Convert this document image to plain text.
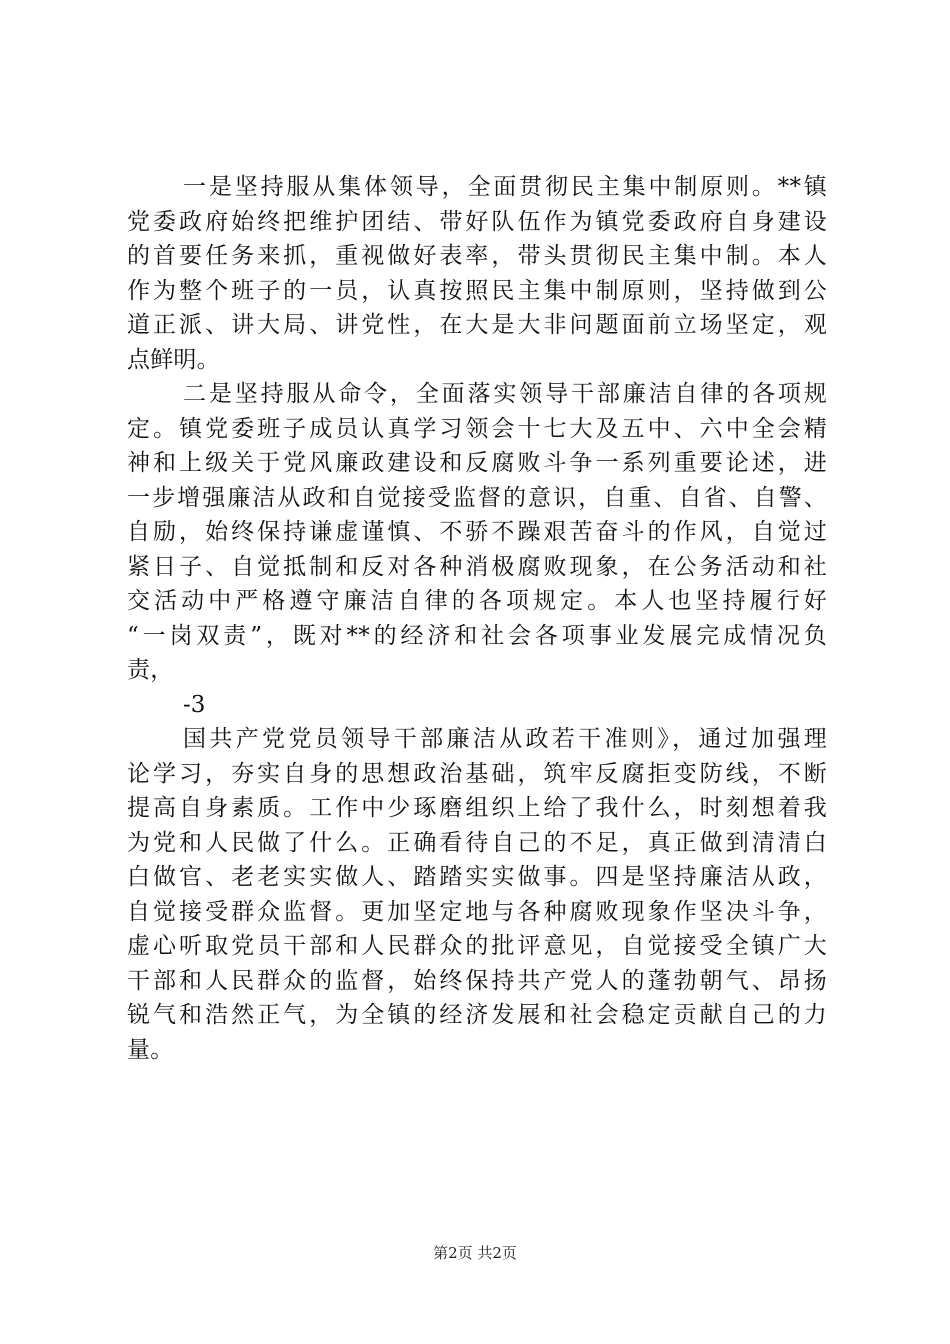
一是坚持服从集体领导，全面贯彻民主集中制原则。**镇
党委政府始终把维护团结、带好队伍作为镇党委政府自身建设
的首要任务来抓，重视做好表率，带头贯彻民主集中制。本人
作为整个班子的一员，认真按照民主集中制原则，坚持做到公
道正派、讲大局、讲党性，在大是大非问题面前立场坚定，观
点鲜明。
二是坚持服从命令，全面落实领导干部廉洁自律的各项规
定。镇党委班子成员认真学习领会十七大及五中、六中全会精
神和上级关于党风廉政建设和反腐败斗争一系列重要论述，进
一步增强廉洁从政和自觉接受监督的意识，自重、自省、自警、
自励，始终保持谦虚谨慎、不骄不躁艰苦奋斗的作风，自觉过
紧日子、自觉抵制和反对各种消极腐败现象，在公务活动和社
交活动中严格遵守廉洁自律的各项规定。本人也坚持履行好
“一岗双责”，既对**的经济和社会各项事业发展完成情况负
责，
-3
国共产党党员领导干部廉洁从政若干准则》，通过加强理
论学习，夯实自身的思想政治基础，筑牢反腐拒变防线，不断
提高自身素质。工作中少琢磨组织上给了我什么，时刻想着我
为党和人民做了什么。正确看待自己的不足，真正做到清清白
白做官、老老实实做人、踏踏实实做事。四是坚持廉洁从政，
自觉接受群众监督。更加坚定地与各种腐败现象作坚决斗争，
虚心听取党员干部和人民群众的批评意见，自觉接受全镇广大
干部和人民群众的监督，始终保持共产党人的蓬勃朝气、昂扬
锐气和浩然正气，为全镇的经济发展和社会稳定贡献自己的力
量。
第2页 共2页
